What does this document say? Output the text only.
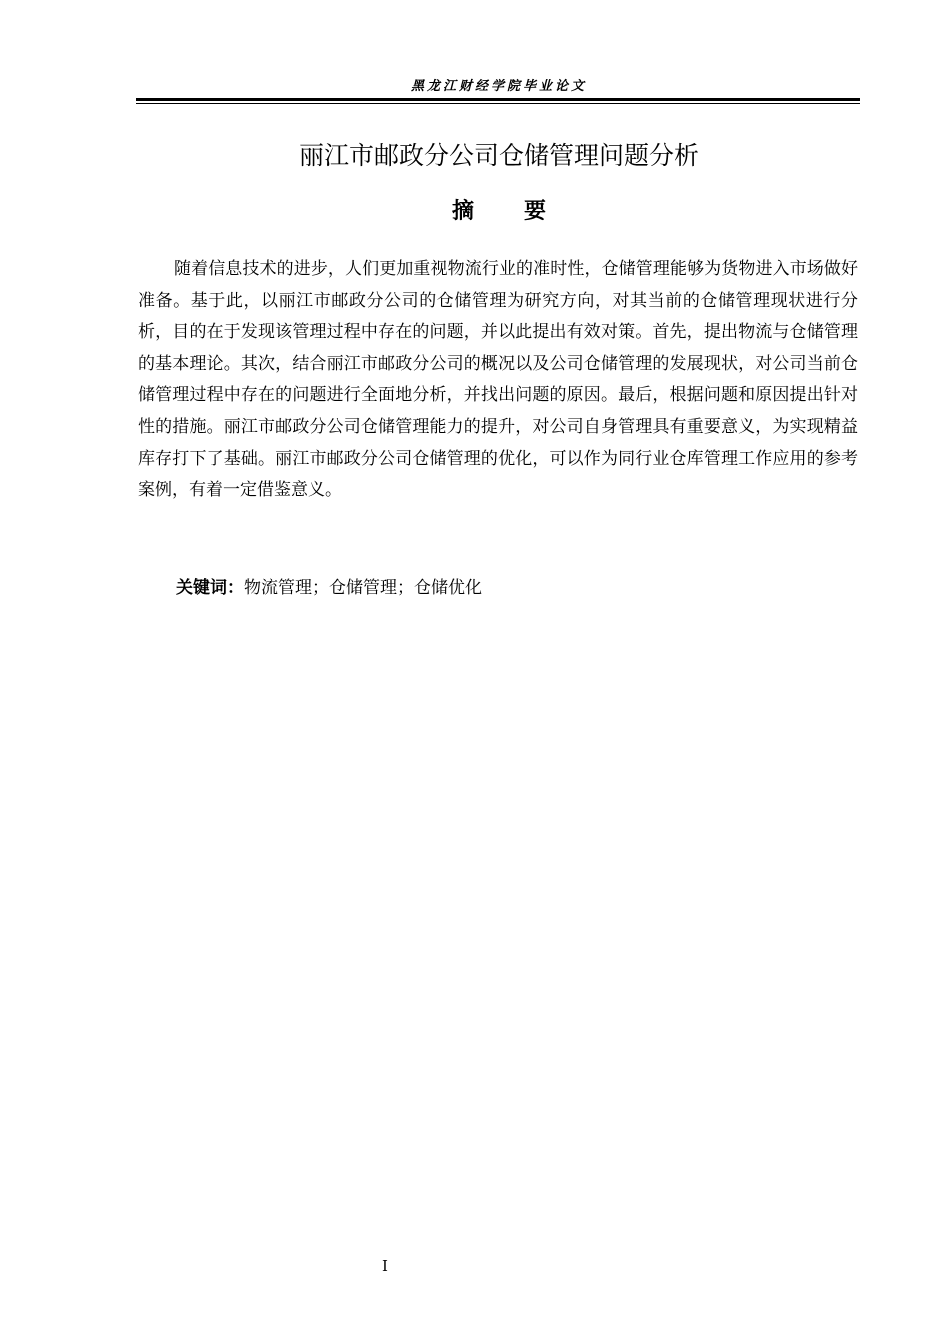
黑龙江财经学院毕业论文
丽江市邮政分公司仓储管理问题分析
摘要

随着信息技术的进步，人们更加重视物流行业的准时性，仓储管理能够为货物进入市场做好准备。基于此，以丽江市邮政分公司的仓储管理为研究方向，对其当前的仓储管理现状进行分析，目的在于发现该管理过程中存在的问题，并以此提出有效对策。首先，提出物流与仓储管理的基本理论。其次，结合丽江市邮政分公司的概况以及公司仓储管理的发展现状，对公司当前仓储管理过程中存在的问题进行全面地分析，并找出问题的原因。最后，根据问题和原因提出针对性的措施。丽江市邮政分公司仓储管理能力的提升，对公司自身管理具有重要意义，为实现精益库存打下了基础。丽江市邮政分公司仓储管理的优化，可以作为同行业仓库管理工作应用的参考案例，有着一定借鉴意义。

关键词：物流管理；仓储管理；仓储优化
I
